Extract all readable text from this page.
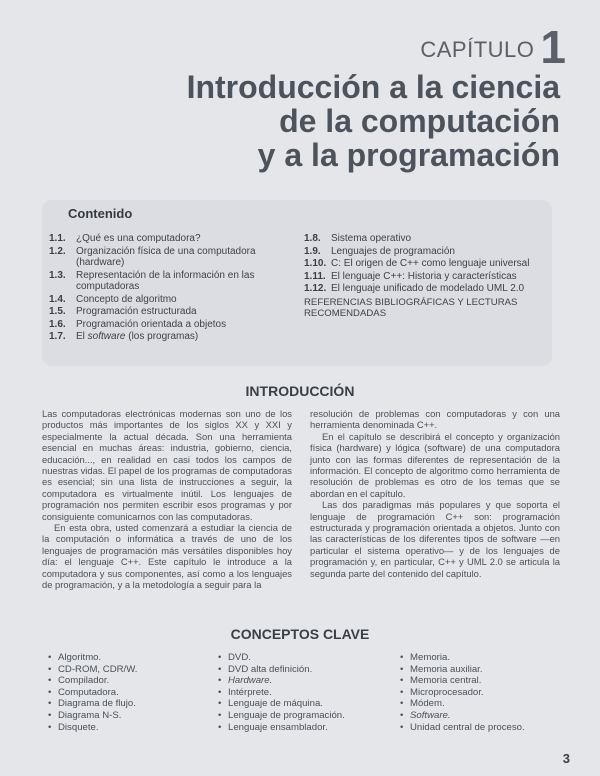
CAPÍTULO 1
Introducción a la ciencia
de la computación
y a la programación
Contenido
1.1.	¿Qué es una computadora?
1.2.	Organización física de una computadora (hardware)
1.3.	Representación de la información en las computadoras
1.4.	Concepto de algoritmo
1.5.	Programación estructurada
1.6.	Programación orientada a objetos
1.7.	El software (los programas)
1.8.	Sistema operativo
1.9.	Lenguajes de programación
1.10. C: El origen de C++ como lenguaje universal
1.11. El lenguaje C++: Historia y características
1.12. El lenguaje unificado de modelado UML 2.0
REFERENCIAS BIBLIOGRÁFICAS Y LECTURAS RECOMENDADAS
INTRODUCCIÓN

Las computadoras electrónicas modernas son uno de los productos más importantes de los siglos XX y XXI y especialmente la actual década. Son una herramienta esencial en muchas áreas: industria, gobierno, ciencia, educación..., en realidad en casi todos los campos de nuestras vidas. El papel de los programas de computadoras es esencial; sin una lista de instrucciones a seguir, la computadora es virtualmente inútil. Los lenguajes de programación nos permiten escribir esos programas y por consiguiente comunicarnos con las computadoras.

En esta obra, usted comenzará a estudiar la ciencia de la computación o informática a través de uno de los lenguajes de programación más versátiles disponibles hoy día: el lenguaje C++. Este capítulo le introduce a la computadora y sus componentes, así como a los lenguajes de programación, y a la metodología a seguir para la

resolución de problemas con computadoras y con una herramienta denominada C++.

En el capítulo se describirá el concepto y organización física (hardware) y lógica (software) de una computadora junto con las formas diferentes de representación de la información. El concepto de algoritmo como herramienta de resolución de problemas es otro de los temas que se abordan en el capítulo.

Las dos paradigmas más populares y que soporta el lenguaje de programación C++ son: programación estructurada y programación orientada a objetos. Junto con las características de los diferentes tipos de software —en particular el sistema operativo— y de los lenguajes de programación y, en particular, C++ y UML 2.0 se articula la segunda parte del contenido del capítulo.

CONCEPTOS CLAVE
• Algoritmo.
• CD-ROM, CDR/W.
• Compilador.
• Computadora.
• Diagrama de flujo.
• Diagrama N-S.
• Disquete.
• DVD.
• DVD alta definición.
• Hardware.
• Intérprete.
• Lenguaje de máquina.
• Lenguaje de programación.
• Lenguaje ensamblador.
• Memoria.
• Memoria auxiliar.
• Memoria central.
• Microprocesador.
• Módem.
• Software.
• Unidad central de proceso.
3
